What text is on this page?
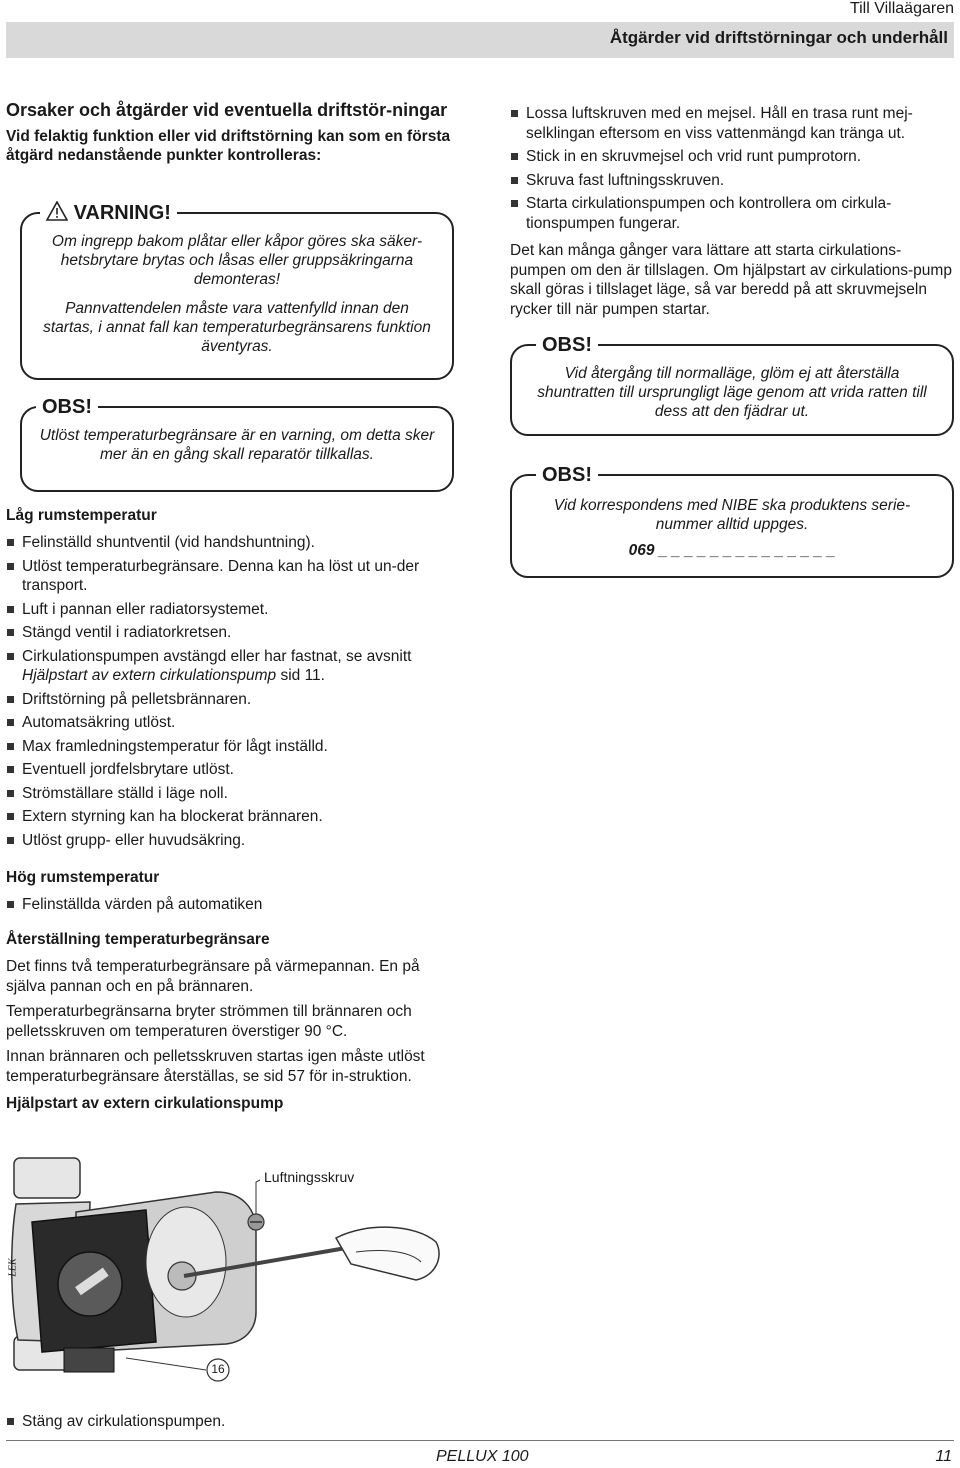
Till Villaägaren
Åtgärder vid driftstörningar och underhåll
Orsaker och åtgärder vid eventuella driftstör-ningar
Vid felaktig funktion eller vid driftstörning kan som en första åtgärd nedanstående punkter kontrolleras:
VARNING!

Om ingrepp bakom plåtar eller kåpor göres ska säker-hetsbrytare brytas och låsas eller gruppsäkringarna demonteras!

Pannvattendelen måste vara vattenfylld innan den startas, i annat fall kan temperaturbegränsarens funktion äventyras.

OBS!
Utlöst temperaturbegränsare är en varning, om detta sker mer än en gång skall reparatör tillkallas.
Låg rumstemperatur
Felinställd shuntventil (vid handshuntning).
Utlöst temperaturbegränsare. Denna kan ha löst ut un-der transport.
Luft i pannan eller radiatorsystemet.
Stängd ventil i radiatorkretsen.
Cirkulationspumpen avstängd eller har fastnat, se avsnitt Hjälpstart av extern cirkulationspump sid 11.
Driftstörning på pelletsbrännaren.
Automatsäkring utlöst.
Max framledningstemperatur för lågt inställd.
Eventuell jordfelsbrytare utlöst.
Strömställare ställd i läge noll.
Extern styrning kan ha blockerat brännaren.
Utlöst grupp- eller huvudsäkring.
Hög rumstemperatur
Felinställda värden på automatiken
Återställning temperaturbegränsare

Det finns två temperaturbegränsare på värmepannan. En på själva pannan och en på brännaren.

Temperaturbegränsarna bryter strömmen till brännaren och pelletsskruven om temperaturen överstiger 90 °C.

Innan brännaren och pelletsskruven startas igen måste utlöst temperaturbegränsare återställas, se sid 57 för in-struktion.

Hjälpstart av extern cirkulationspump
Luftningsskruv
16
LEK
Stäng av cirkulationspumpen.
Lossa luftskruven med en mejsel. Håll en trasa runt mej-selklingan eftersom en viss vattenmängd kan tränga ut.
Stick in en skruvmejsel och vrid runt pumprotorn.
Skruva fast luftningsskruven.
Starta cirkulationspumpen och kontrollera om cirkula-tionspumpen fungerar.

Det kan många gånger vara lättare att starta cirkulations-pumpen om den är tillslagen. Om hjälpstart av cirkulations-pump skall göras i tillslaget läge, så var beredd på att skruvmejseln rycker till när pumpen startar.

OBS!
Vid återgång till normalläge, glöm ej att återställa shuntratten till ursprungligt läge genom att vrida ratten till dess att den fjädrar ut.
OBS!
Vid korrespondens med NIBE ska produktens serie-nummer alltid uppges.
069 _ _ _ _ _ _ _ _ _ _ _ _ _ _
PELLUX 100	11
